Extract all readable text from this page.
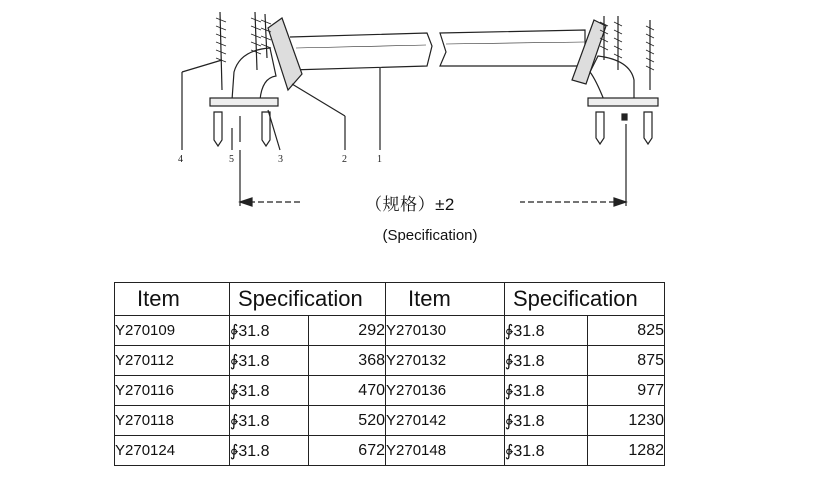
4	5	3	2	1
（规格）±2
(Specification)
Item	Specification		Item	Specification	
Y270109	∲31.8	292	Y270130	∲31.8	825
Y270112	∲31.8	368	Y270132	∲31.8	875
Y270116	∲31.8	470	Y270136	∲31.8	977
Y270118	∲31.8	520	Y270142	∲31.8	1230
Y270124	∲31.8	672	Y270148	∲31.8	1282
